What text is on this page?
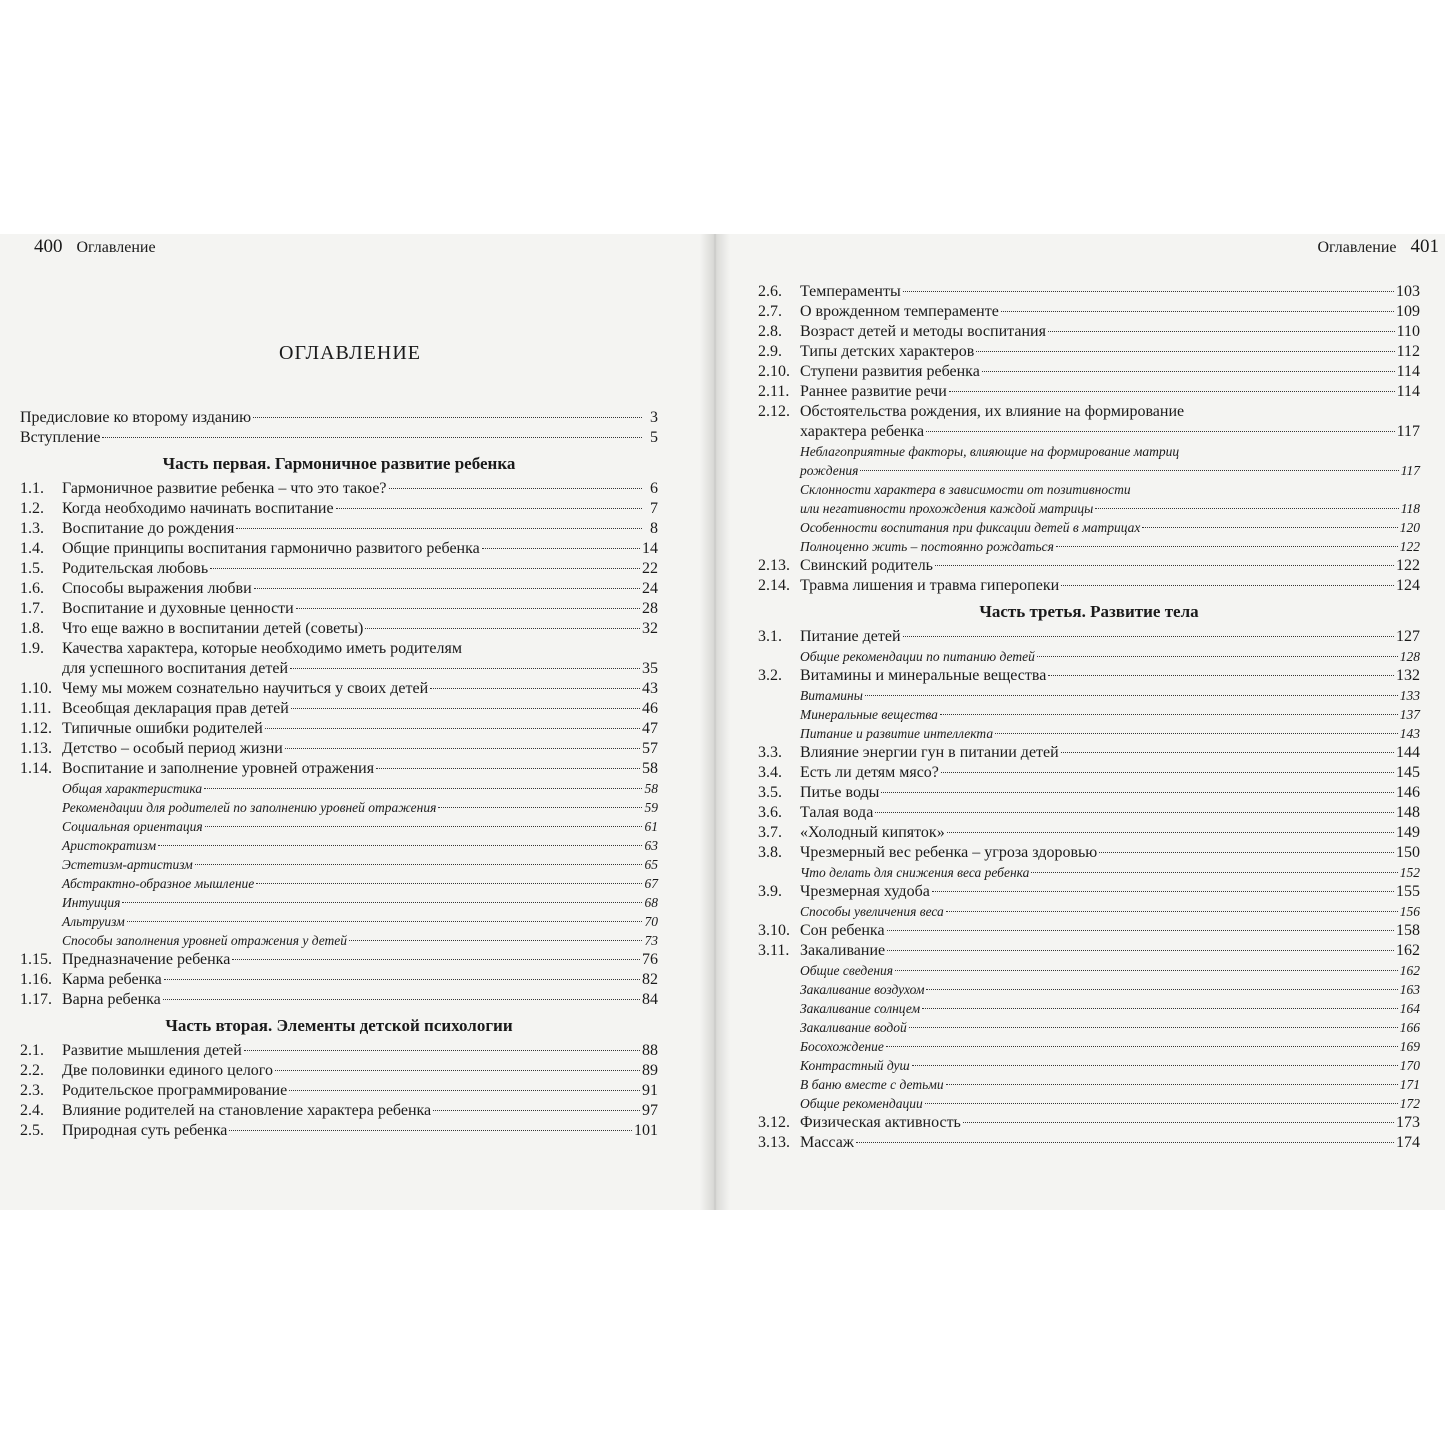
400 Оглавление
ОГЛАВЛЕНИЕ
Предисловие ко второму изданию	3
Вступление	5
Часть первая. Гармоничное развитие ребенка
1.1.	Гармоничное развитие ребенка – что это такое?	6
1.2.	Когда необходимо начинать воспитание	7
1.3.	Воспитание до рождения	8
1.4.	Общие принципы воспитания гармонично развитого ребенка	14
1.5.	Родительская любовь	22
1.6.	Способы выражения любви	24
1.7.	Воспитание и духовные ценности	28
1.8.	Что еще важно в воспитании детей (советы)	32
1.9.	Качества характера, которые необходимо иметь родителям
для успешного воспитания детей	35
1.10. Чему мы можем сознательно научиться у своих детей	43
1.11. Всеобщая декларация прав детей	46
1.12. Типичные ошибки родителей	47
1.13. Детство – особый период жизни	57
1.14. Воспитание и заполнение уровней отражения	58
Общая характеристика	58
Рекомендации для родителей по заполнению уровней отражения	59
Социальная ориентация	61
Аристократизм	63
Эстетизм-артистизм	65
Абстрактно-образное мышление	67
Интуиция	68
Альтруизм	70
Способы заполнения уровней отражения у детей	73
1.15. Предназначение ребенка	76
1.16. Карма ребенка	82
1.17. Варна ребенка	84
Часть вторая. Элементы детской психологии
2.1.	Развитие мышления детей	88
2.2.	Две половинки единого целого	89
2.3.	Родительское программирование	91
2.4.	Влияние родителей на становление характера ребенка	97
2.5.	Природная суть ребенка	101
Оглавление 401
2.6.	Темпераменты	103
2.7.	О врожденном темпераменте	109
2.8.	Возраст детей и методы воспитания	110
2.9.	Типы детских характеров	112
2.10. Ступени развития ребенка	114
2.11. Раннее развитие речи	114
2.12. Обстоятельства рождения, их влияние на формирование
характера ребенка	117
Неблагоприятные факторы, влияющие на формирование матриц
рождения	117
Склонности характера в зависимости от позитивности
или негативности прохождения каждой матрицы	118
Особенности воспитания при фиксации детей в матрицах	120
Полноценно жить – постоянно рождаться	122
2.13. Свинский родитель	122
2.14. Травма лишения и травма гиперопеки	124
Часть третья. Развитие тела
3.1.	Питание детей	127
Общие рекомендации по питанию детей	128
3.2.	Витамины и минеральные вещества	132
Витамины	133
Минеральные вещества	137
Питание и развитие интеллекта	143
3.3.	Влияние энергии гун в питании детей	144
3.4.	Есть ли детям мясо?	145
3.5.	Питье воды	146
3.6.	Талая вода	148
3.7.	«Холодный кипяток»	149
3.8.	Чрезмерный вес ребенка – угроза здоровью	150
Что делать для снижения веса ребенка	152
3.9.	Чрезмерная худоба	155
Способы увеличения веса	156
3.10. Сон ребенка	158
3.11. Закаливание	162
Общие сведения	162
Закаливание воздухом	163
Закаливание солнцем	164
Закаливание водой	166
Босохождение	169
Контрастный душ	170
В баню вместе с детьми	171
Общие рекомендации	172
3.12. Физическая активность	173
3.13. Массаж	174
